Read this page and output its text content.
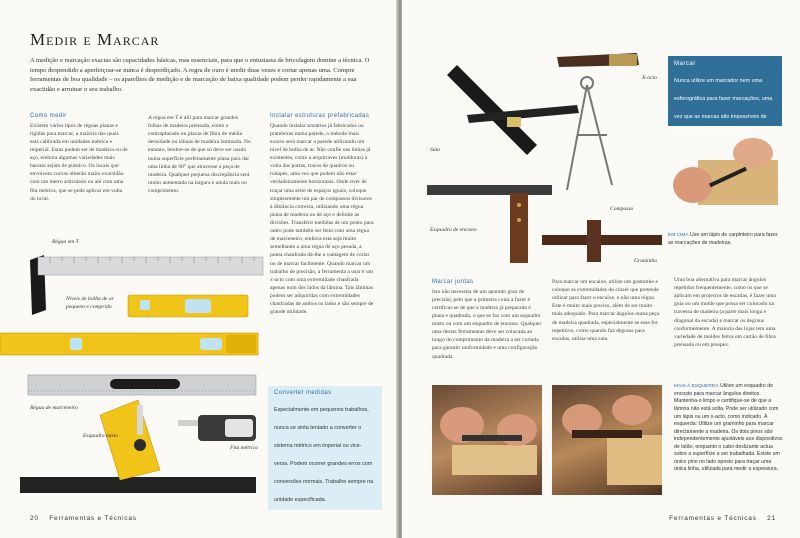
Medir e Marcar
A medição e marcação exactas são capacidades básicas, mas essenciais, para que o entusiasta de bricolagem domine a técnica. O tempo despendido a aperfeiçoar-se nunca é desperdiçado. A regra de ouro é medir duas vezes e cortar apenas uma. Compre ferramentas de boa qualidade – os aparelhos de medição e de marcação de baixa qualidade podem perder rapidamente a sua exactidão e arruinar o seu trabalho.
Como medir
Existem vários tipos de réguas planas e rígidas para marcar, a maioria das quais está calibrada em unidades métrica e imperial. Estas podem ser de madeira ou de aço, embora algumas variedades mais baratas sejam de plástico. Os locais que envolvem curvas obterão maior exactidão com um metro articulado ou até com uma fita métrica, que se pode aplicar em volta do local.
A régua em T é útil para marcar grandes folhas de madeira prensada, como o contraplacado ou placas de fibra de média densidade ou tábuas de madeira laminada. No entanto, lembre-se de que só deve ser usada numa superfície perfeitamente plana para dar uma linha de 90° que atravesse a peça de madeira. Qualquer pequena discrepância será muito aumentada na largura e ainda mais no comprimento.
Instalar estruturas prefabricadas
Quando instalar armários já fabricados ou prateleiras numa parede, o método mais exacto será marcar a parede utilizando um nível de bolha de ar. Não confie nas linhas já existentes, como a arquitraves (molduras) à volta das portas, tracos de quadros ou rodapés, uma vez que podem não estar verdadeiramente horizontais. Onde tiver de traçar uma série de espaços iguais, coloque simplesmente um par de compassos divisores à distância correcta, utilizando uma régua plana de madeira ou de aço e delinite as divisões. Transferir medidas de um ponto para outro pode também ser feito com uma régua de marceneiro; embora esta seja muito semelhante a uma régua de aço pesada, a ponta chanfrada dá-lhe a vantagem de cortar ou de marcar facilmente. Quando marcar um trabalho de precisão, a ferramenta a usar é um x-acto com uma extremidade chanfrada apenas num dos lados da lâmina. Tais lâminas podem ser adquiridas com extremidades chanfradas de ambos os lados e são sempre de grande utilidade.
Régua em T
Níveis de bolha de ar pequeno e comprido
Régua de marceneiro
Esquadro misto
Fita métrica
Converter medidas
Especialmente em pequenos trabalhos, nunca se sinta tentado a converter o sistema métrico em imperial ou vice-versa. Podem ocorrer grandes erros com conversões normais. Trabalhe sempre na unidade especificada.
20 Ferramentas e Técnicas
X-acto
Suta
Compasso
Esquadro de encosto
Graminho
Marcar
Nunca utilize um marcador nem uma esferográfica para fazer marcações, uma vez que as marcas são impossíveis de retirar e arruinarão o seu trabalho.
EM CIMA Use um lápis de carpinteiro para fazer as marcações de madeiras.
Marcar juntas
Isto não necessita de um apurado grau de precisão, pelo que a primeira coisa a fazer é certificar-se de que a madeira já preparada é plana e quadrada, o que se faz com um esquadro misto ou com um esquadro de encosto. Qualquer uma destas ferramentas deve ser colocada ao longo do comprimento da madeira a ser cortada para garantir uniformidade e uma configuração quadrada.
Para marcar um encaixe, utilize um graminho e coloque as extremidades do cinzel que pretende utilizar para fazer o encaixe, e não uma régua. Este é muito mais preciso, além de ser muito mais adequado. Para marcar ângulos numa peça de madeira quadrada, especialmente se esse for repetitivo, como quando faz degraus para escadas, utilize uma suta.
Uma boa alternativa para marcar ângulos repetidos frequentemente, como os que se aplicam em projectos de escadas, é fazer uma guia ou um molde que possa ser colocado na travessa de madeira (a parte mais longa e diagonal da escada) e marcar os degraus conformemente. A maioria das lojas tem uma variedade de moldes feitos em cartão de fibra prensada ou em prespex.
MAIS À ESQUERDA Utilize um esquadro de encosto para marcar ângulos direitos. Mantenha-o limpo e certifique-se de que a lâmina não está solta. Pode ser utilizado com um lápis ou um x-acto, como indicado. À esquerda: Utilize um graminho para marcar directamente a madeira. Os dois pinos são independentemente ajustáveis aos dispositivos de latão, enquanto o cabo deslizante actua sobre a superfície a ser trabalhada. Existe um único pino no lado oposto para traçar uma única linha, utilizada para medir a espessura.
Ferramentas e Técnicas 21
